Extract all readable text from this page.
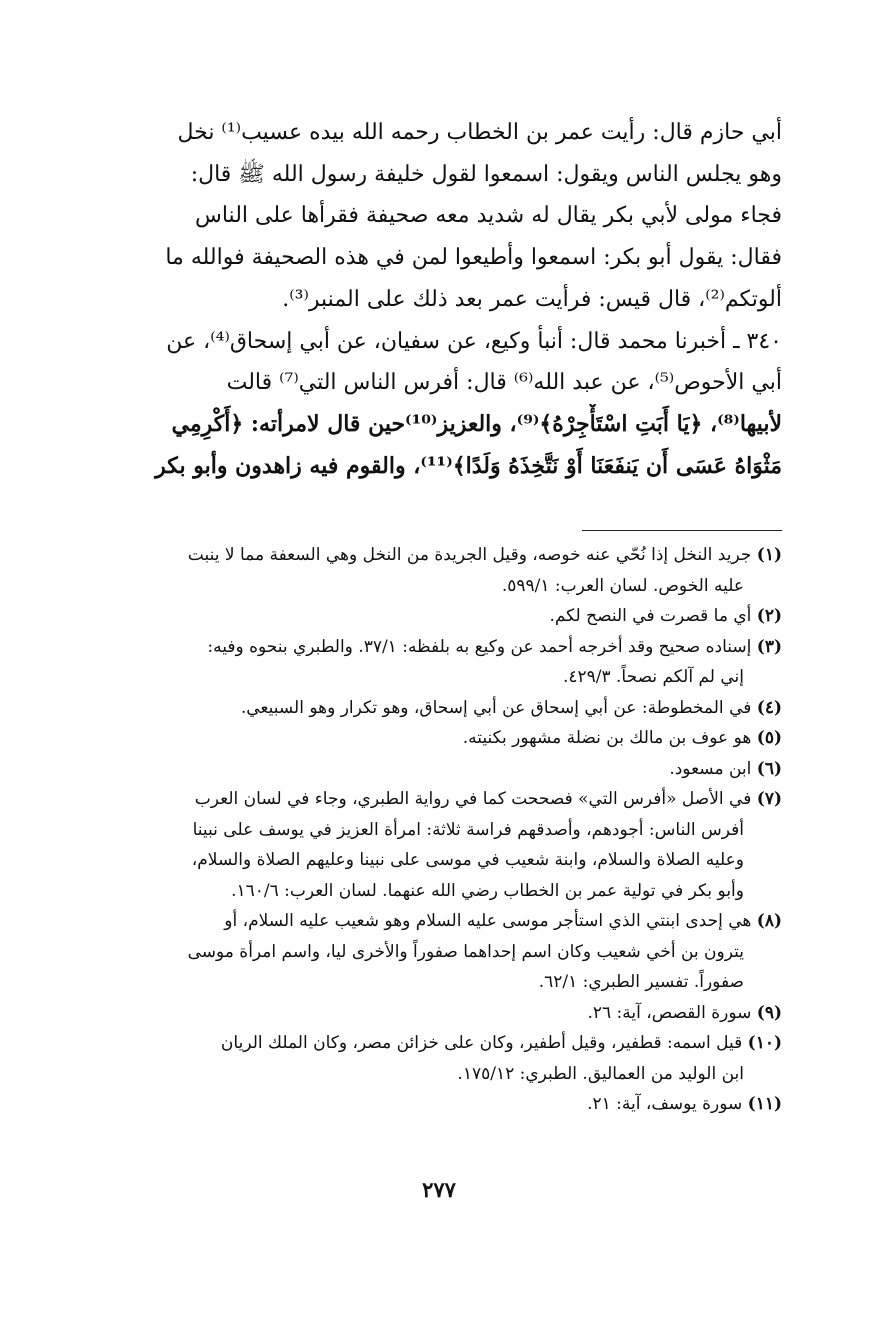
أبي حازم قال: رأيت عمر بن الخطاب رحمه الله بيده عسيب⁽¹⁾ نخل
وهو يجلس الناس ويقول: اسمعوا لقول خليفة رسول الله ﷺ قال:
فجاء مولى لأبي بكر يقال له شديد معه صحيفة فقرأها على الناس
فقال: يقول أبو بكر: اسمعوا وأطيعوا لمن في هذه الصحيفة فوالله ما
ألوتكم⁽²⁾، قال قيس: فرأيت عمر بعد ذلك على المنبر⁽³⁾.
٣٤٠ ـ أخبرنا محمد قال: أنبأ وكيع، عن سفيان، عن أبي إسحاق⁽⁴⁾، عن
أبي الأحوص⁽⁵⁾، عن عبد الله⁽⁶⁾ قال: أفرس الناس التي⁽⁷⁾ قالت
لأبيها⁽⁸⁾، ﴿يَا أَبَتِ اسْتَأْجِرْهُ﴾⁽⁹⁾، والعزيز⁽¹⁰⁾حين قال لامرأته: ﴿أَكْرِمِي
مَثْوَاهُ عَسَى أَن يَنفَعَنَا أَوْ نَتَّخِذَهُ وَلَدًا﴾⁽¹¹⁾، والقوم فيه زاهدون وأبو بكر
(١) جريد النخل إذا نُحّي عنه خوصه، وقيل الجريدة من النخل وهي السعفة مما لا ينبت
عليه الخوص. لسان العرب: ٥٩٩/١.
(٢) أي ما قصرت في النصح لكم.
(٣) إسناده صحيح وقد أخرجه أحمد عن وكيع به بلفظه: ٣٧/١. والطبري بنحوه وفيه:
إني لم آلكم نصحاً. ٤٢٩/٣.
(٤) في المخطوطة: عن أبي إسحاق عن أبي إسحاق، وهو تكرار وهو السبيعي.
(٥) هو عوف بن مالك بن نضلة مشهور بكنيته.
(٦) ابن مسعود.
(٧) في الأصل «أفرس التي» فصححت كما في رواية الطبري، وجاء في لسان العرب
أفرس الناس: أجودهم، وأصدقهم فراسة ثلاثة: امرأة العزيز في يوسف على نبينا
وعليه الصلاة والسلام، وابنة شعيب في موسى على نبينا وعليهم الصلاة والسلام،
وأبو بكر في تولية عمر بن الخطاب رضي الله عنهما. لسان العرب: ١٦٠/٦.
(٨) هي إحدى ابنتي الذي استأجر موسى عليه السلام وهو شعيب عليه السلام، أو
يترون بن أخي شعيب وكان اسم إحداهما صفوراً والأخرى ليا، واسم امرأة موسى
صفوراً. تفسير الطبري: ٦٢/١.
(٩) سورة القصص، آية: ٢٦.
(١٠) قيل اسمه: قطفير، وقيل أطفير، وكان على خزائن مصر، وكان الملك الريان
ابن الوليد من العماليق. الطبري: ١٧٥/١٢.
(١١) سورة يوسف، آية: ٢١.
٢٧٧
